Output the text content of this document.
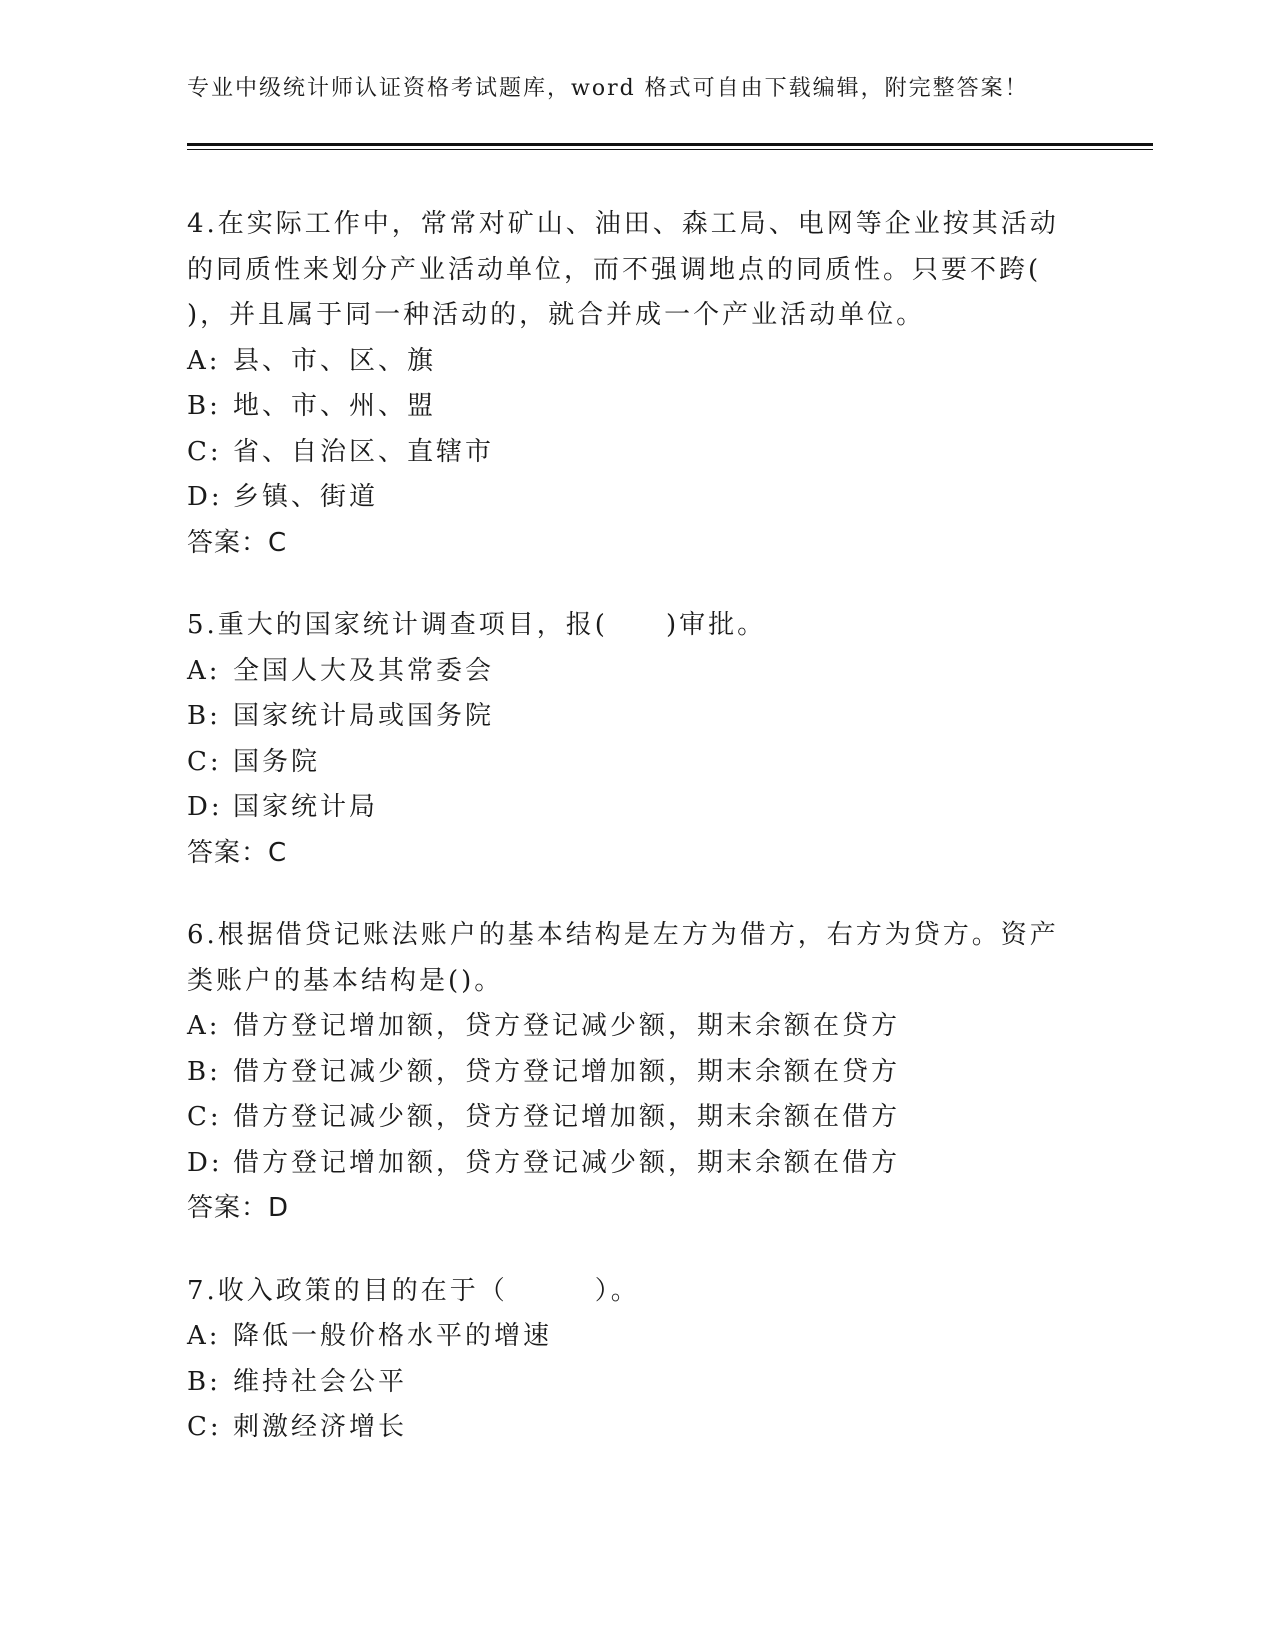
专业中级统计师认证资格考试题库，word 格式可自由下载编辑，附完整答案！

4.在实际工作中，常常对矿山、油田、森工局、电网等企业按其活动

的同质性来划分产业活动单位，而不强调地点的同质性。只要不跨(

)，并且属于同一种活动的，就合并成一个产业活动单位。

A: 县、市、区、旗

B: 地、市、州、盟

C: 省、自治区、直辖市

D: 乡镇、街道

答案：C

5.重大的国家统计调查项目，报(　　)审批。

A: 全国人大及其常委会

B: 国家统计局或国务院

C: 国务院

D: 国家统计局

答案：C

6.根据借贷记账法账户的基本结构是左方为借方，右方为贷方。资产

类账户的基本结构是()。

A: 借方登记增加额，贷方登记减少额，期末余额在贷方

B: 借方登记减少额，贷方登记增加额，期末余额在贷方

C: 借方登记减少额，贷方登记增加额，期末余额在借方

D: 借方登记增加额，贷方登记减少额，期末余额在借方

答案：D

7.收入政策的目的在于（　　　）。

A: 降低一般价格水平的增速

B: 维持社会公平

C: 刺激经济增长
